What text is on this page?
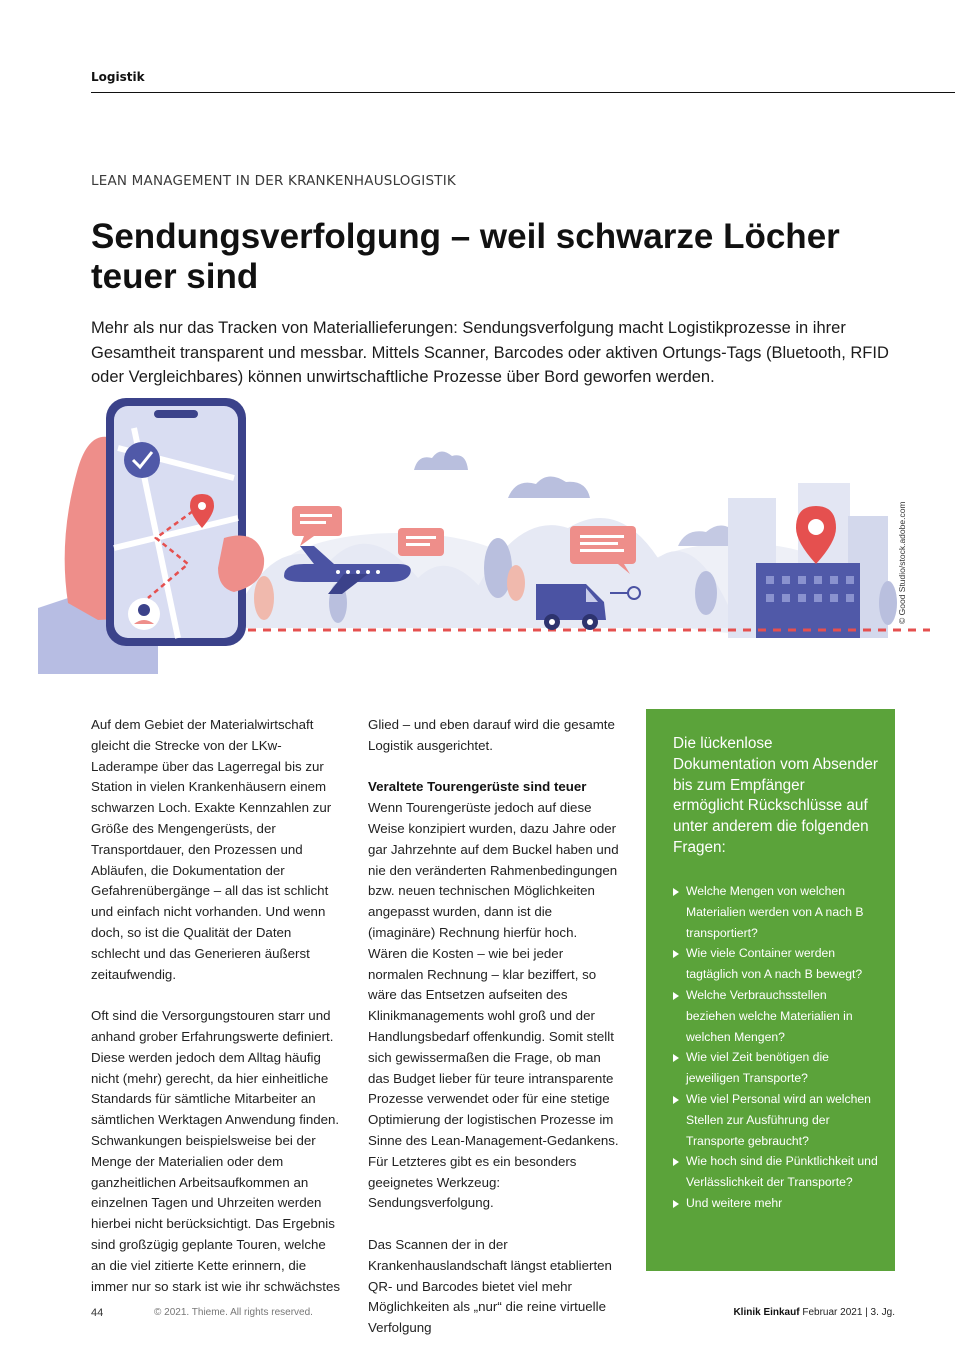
Logistik
LEAN MANAGEMENT IN DER KRANKENHAUSLOGISTIK
Sendungsverfolgung – weil schwarze Löcher teuer sind

Mehr als nur das Tracken von Materiallieferungen: Sendungsverfolgung macht Logistikprozesse in ihrer Gesamtheit transparent und messbar. Mittels Scanner, Barcodes oder aktiven Ortungs-Tags (Bluetooth, RFID oder Vergleichbares) können unwirtschaftliche Prozesse über Bord geworfen werden.

© Good Studio/stock.adobe.com

Auf dem Gebiet der Materialwirtschaft gleicht die Strecke von der LKw-Laderampe über das Lagerregal bis zur Station in vielen Krankenhäusern einem schwarzen Loch. Exakte Kennzahlen zur Größe des Mengengerüsts, der Transportdauer, den Prozessen und Abläufen, die Dokumentation der Gefahrenübergänge – all das ist schlicht und einfach nicht vorhanden. Und wenn doch, so ist die Qualität der Daten schlecht und das Generieren äußerst zeitaufwendig.

Oft sind die Versorgungstouren starr und anhand grober Erfahrungswerte definiert. Diese werden jedoch dem Alltag häufig nicht (mehr) gerecht, da hier einheitliche Standards für sämtliche Mitarbeiter an sämtlichen Werktagen Anwendung finden. Schwankungen beispielsweise bei der Menge der Materialien oder dem ganzheitlichen Arbeitsaufkommen an einzelnen Tagen und Uhrzeiten werden hierbei nicht berücksichtigt. Das Ergebnis sind großzügig geplante Touren, welche an die viel zitierte Kette erinnern, die immer nur so stark ist wie ihr schwächstes

Glied – und eben darauf wird die gesamte Logistik ausgerichtet.

Veraltete Tourengerüste sind teuer

Wenn Tourengerüste jedoch auf diese Weise konzipiert wurden, dazu Jahre oder gar Jahrzehnte auf dem Buckel haben und nie den veränderten Rahmenbedingungen bzw. neuen technischen Möglichkeiten angepasst wurden, dann ist die (imaginäre) Rechnung hierfür hoch. Wären die Kosten – wie bei jeder normalen Rechnung – klar beziffert, so wäre das Entsetzen aufseiten des Klinikmanagements wohl groß und der Handlungsbedarf offenkundig. Somit stellt sich gewissermaßen die Frage, ob man das Budget lieber für teure intransparente Prozesse verwendet oder für eine stetige Optimierung der logistischen Prozesse im Sinne des Lean-Management-Gedankens. Für Letzteres gibt es ein besonders geeignetes Werkzeug: Sendungsverfolgung.

Das Scannen der in der Krankenhauslandschaft längst etablierten QR- und Barcodes bietet viel mehr Möglichkeiten als „nur“ die reine virtuelle Verfolgung

Die lückenlose Dokumentation vom Absender bis zum Empfänger ermöglicht Rückschlüsse auf unter anderem die folgenden Fragen:
Welche Mengen von welchen Materialien werden von A nach B transportiert?
Wie viele Container werden tagtäglich von A nach B bewegt?
Welche Verbrauchsstellen beziehen welche Materialien in welchen Mengen?
Wie viel Zeit benötigen die jeweiligen Transporte?
Wie viel Personal wird an welchen Stellen zur Ausführung der Transporte gebraucht?
Wie hoch sind die Pünktlichkeit und Verlässlichkeit der Transporte?
Und weitere mehr
44	© 2021. Thieme. All rights reserved.	Klinik Einkauf Februar 2021 | 3. Jg.
